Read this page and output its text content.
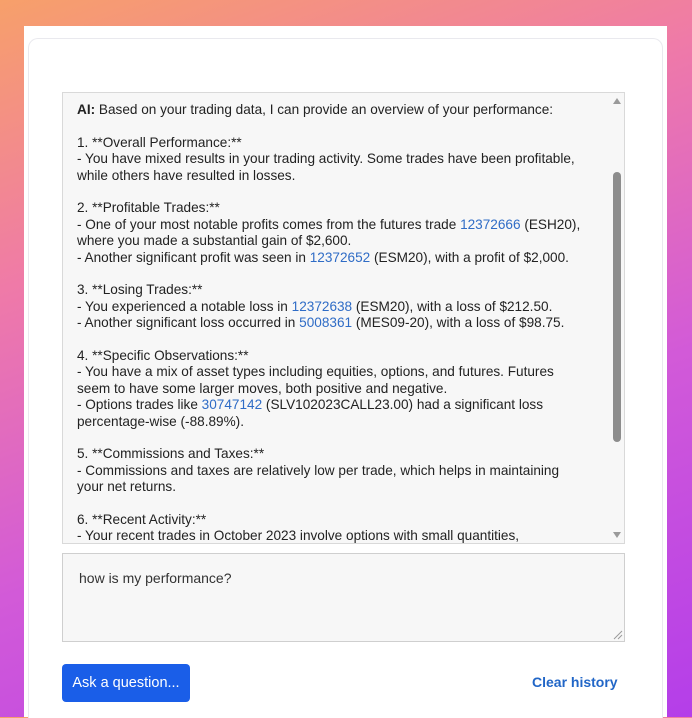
AI: Based on your trading data, I can provide an overview of your performance:

1. **Overall Performance:**

- You have mixed results in your trading activity. Some trades have been profitable,

while others have resulted in losses.

2. **Profitable Trades:**

- One of your most notable profits comes from the futures trade 12372666 (ESH20),

where you made a substantial gain of $2,600.

- Another significant profit was seen in 12372652 (ESM20), with a profit of $2,000.

3. **Losing Trades:**

- You experienced a notable loss in 12372638 (ESM20), with a loss of $212.50.

- Another significant loss occurred in 5008361 (MES09-20), with a loss of $98.75.

4. **Specific Observations:**

- You have a mix of asset types including equities, options, and futures. Futures

seem to have some larger moves, both positive and negative.

- Options trades like 30747142 (SLV102023CALL23.00) had a significant loss

percentage-wise (-88.89%).

5. **Commissions and Taxes:**

- Commissions and taxes are relatively low per trade, which helps in maintaining

your net returns.

6. **Recent Activity:**

- Your recent trades in October 2023 involve options with small quantities,

how is my performance?
Ask a question...	Clear history
